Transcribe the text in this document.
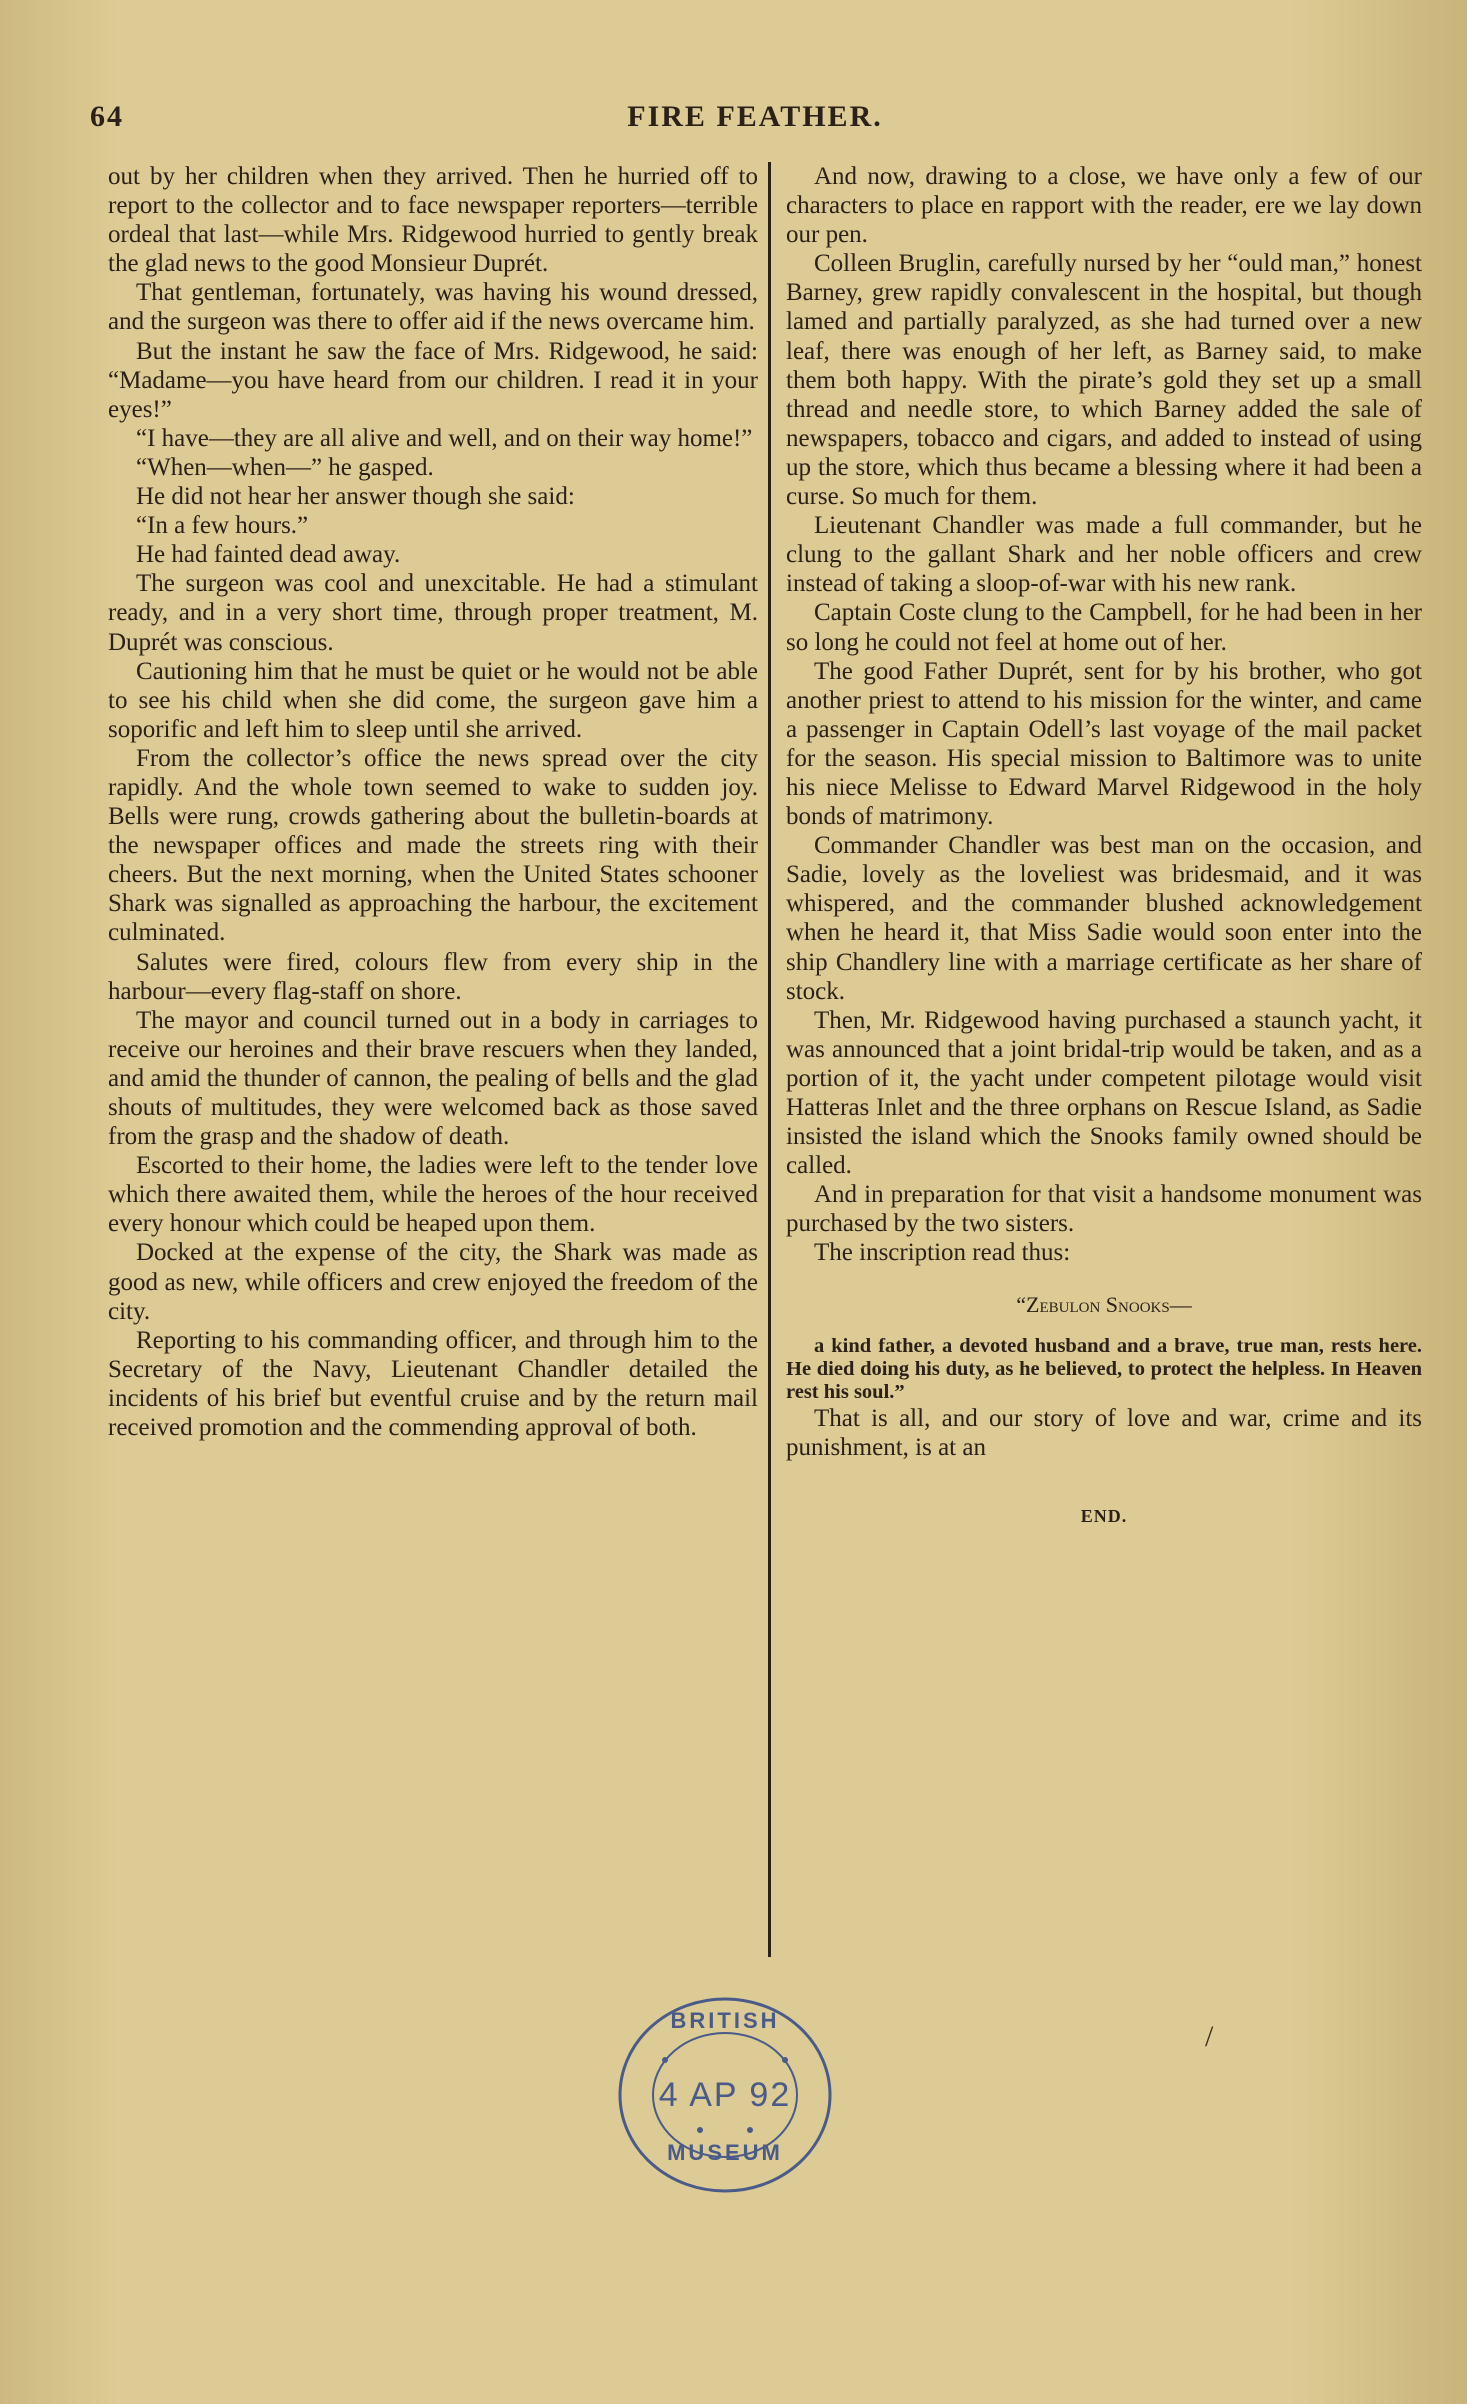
64	FIRE FEATHER.

out by her children when they arrived. Then he hurried off to report to the collector and to face newspaper reporters—terrible ordeal that last—while Mrs. Ridgewood hurried to gently break the glad news to the good Monsieur Duprét.

That gentleman, fortunately, was having his wound dressed, and the surgeon was there to offer aid if the news overcame him.

But the instant he saw the face of Mrs. Ridgewood, he said: “Madame—you have heard from our children. I read it in your eyes!”

“I have—they are all alive and well, and on their way home!”

“When—when—” he gasped.

He did not hear her answer though she said:

“In a few hours.”

He had fainted dead away.

The surgeon was cool and unexcitable. He had a stimulant ready, and in a very short time, through proper treatment, M. Duprét was conscious.

Cautioning him that he must be quiet or he would not be able to see his child when she did come, the surgeon gave him a soporific and left him to sleep until she arrived.

From the collector’s office the news spread over the city rapidly. And the whole town seemed to wake to sudden joy. Bells were rung, crowds gathering about the bulletin-boards at the newspaper offices and made the streets ring with their cheers. But the next morning, when the United States schooner Shark was signalled as approaching the harbour, the excitement culminated.

Salutes were fired, colours flew from every ship in the harbour—every flag-staff on shore.

The mayor and council turned out in a body in carriages to receive our heroines and their brave rescuers when they landed, and amid the thunder of cannon, the pealing of bells and the glad shouts of multitudes, they were welcomed back as those saved from the grasp and the shadow of death.

Escorted to their home, the ladies were left to the tender love which there awaited them, while the heroes of the hour received every honour which could be heaped upon them.

Docked at the expense of the city, the Shark was made as good as new, while officers and crew enjoyed the freedom of the city.

Reporting to his commanding officer, and through him to the Secretary of the Navy, Lieutenant Chandler detailed the incidents of his brief but eventful cruise and by the return mail received promotion and the commending approval of both.

And now, drawing to a close, we have only a few of our characters to place en rapport with the reader, ere we lay down our pen.

Colleen Bruglin, carefully nursed by her “ould man,” honest Barney, grew rapidly convalescent in the hospital, but though lamed and partially paralyzed, as she had turned over a new leaf, there was enough of her left, as Barney said, to make them both happy. With the pirate’s gold they set up a small thread and needle store, to which Barney added the sale of newspapers, tobacco and cigars, and added to instead of using up the store, which thus became a blessing where it had been a curse. So much for them.

Lieutenant Chandler was made a full commander, but he clung to the gallant Shark and her noble officers and crew instead of taking a sloop-of-war with his new rank.

Captain Coste clung to the Campbell, for he had been in her so long he could not feel at home out of her.

The good Father Duprét, sent for by his brother, who got another priest to attend to his mission for the winter, and came a passenger in Captain Odell’s last voyage of the mail packet for the season. His special mission to Baltimore was to unite his niece Melisse to Edward Marvel Ridgewood in the holy bonds of matrimony.

Commander Chandler was best man on the occasion, and Sadie, lovely as the loveliest was bridesmaid, and it was whispered, and the commander blushed acknowledgement when he heard it, that Miss Sadie would soon enter into the ship Chandlery line with a marriage certificate as her share of stock.

Then, Mr. Ridgewood having purchased a staunch yacht, it was announced that a joint bridal-trip would be taken, and as a portion of it, the yacht under competent pilotage would visit Hatteras Inlet and the three orphans on Rescue Island, as Sadie insisted the island which the Snooks family owned should be called.

And in preparation for that visit a handsome monument was purchased by the two sisters.

The inscription read thus:

“Zebulon Snooks—

a kind father, a devoted husband and a brave, true man, rests here. He died doing his duty, as he believed, to protect the helpless. In Heaven rest his soul.”

That is all, and our story of love and war, crime and its punishment, is at an

END.
BRITISH
4 AP 92
MUSEUM
/
